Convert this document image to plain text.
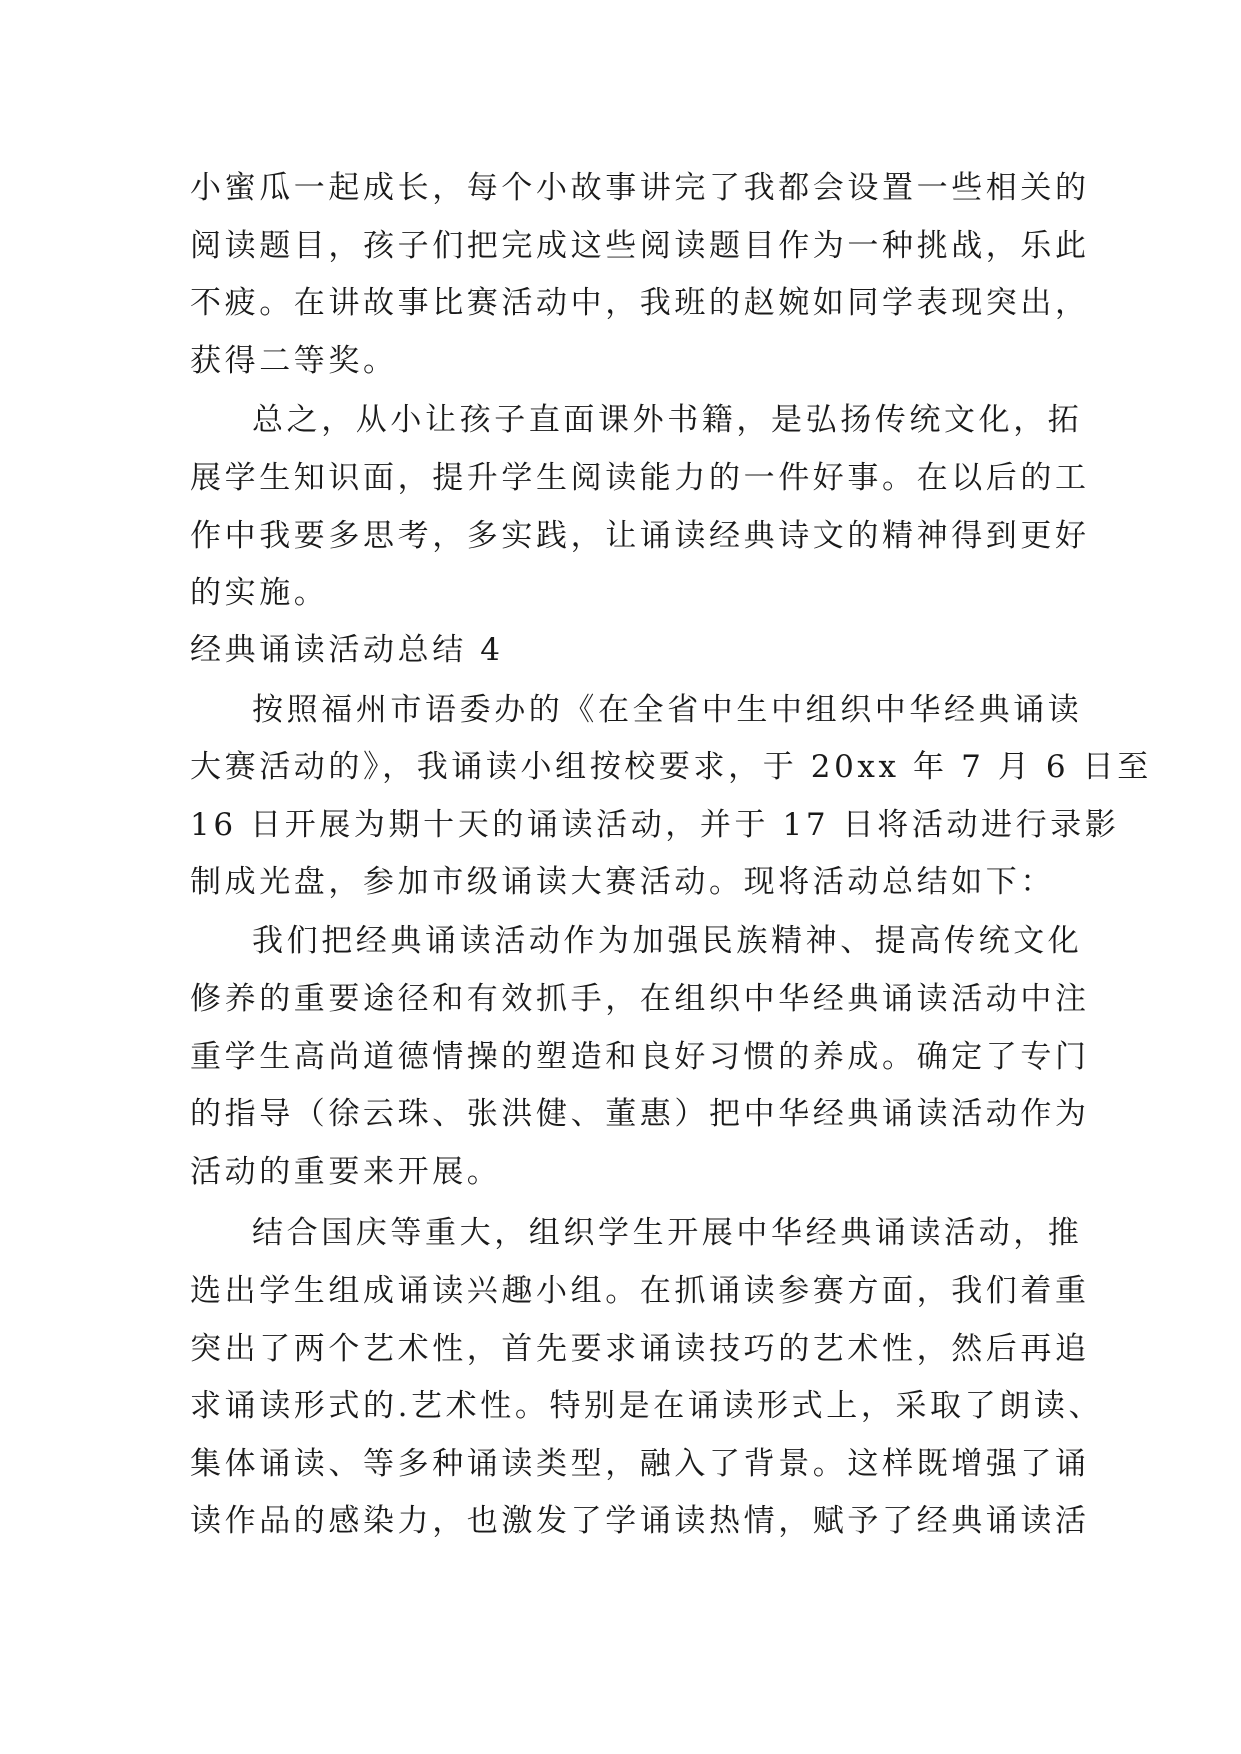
小蜜瓜一起成长，每个小故事讲完了我都会设置一些相关的
阅读题目，孩子们把完成这些阅读题目作为一种挑战，乐此
不疲。在讲故事比赛活动中，我班的赵婉如同学表现突出，
获得二等奖。
总之，从小让孩子直面课外书籍，是弘扬传统文化，拓
展学生知识面，提升学生阅读能力的一件好事。在以后的工
作中我要多思考，多实践，让诵读经典诗文的精神得到更好
的实施。
经典诵读活动总结 4
按照福州市语委办的《在全省中生中组织中华经典诵读
大赛活动的》，我诵读小组按校要求，于 20xx 年 7 月 6 日至
16 日开展为期十天的诵读活动，并于 17 日将活动进行录影
制成光盘，参加市级诵读大赛活动。现将活动总结如下：
我们把经典诵读活动作为加强民族精神、提高传统文化
修养的重要途径和有效抓手，在组织中华经典诵读活动中注
重学生高尚道德情操的塑造和良好习惯的养成。确定了专门
的指导（徐云珠、张洪健、董惠）把中华经典诵读活动作为
活动的重要来开展。
结合国庆等重大，组织学生开展中华经典诵读活动，推
选出学生组成诵读兴趣小组。在抓诵读参赛方面，我们着重
突出了两个艺术性，首先要求诵读技巧的艺术性，然后再追
求诵读形式的.艺术性。特别是在诵读形式上，采取了朗读、
集体诵读、等多种诵读类型，融入了背景。这样既增强了诵
读作品的感染力，也激发了学诵读热情，赋予了经典诵读活
